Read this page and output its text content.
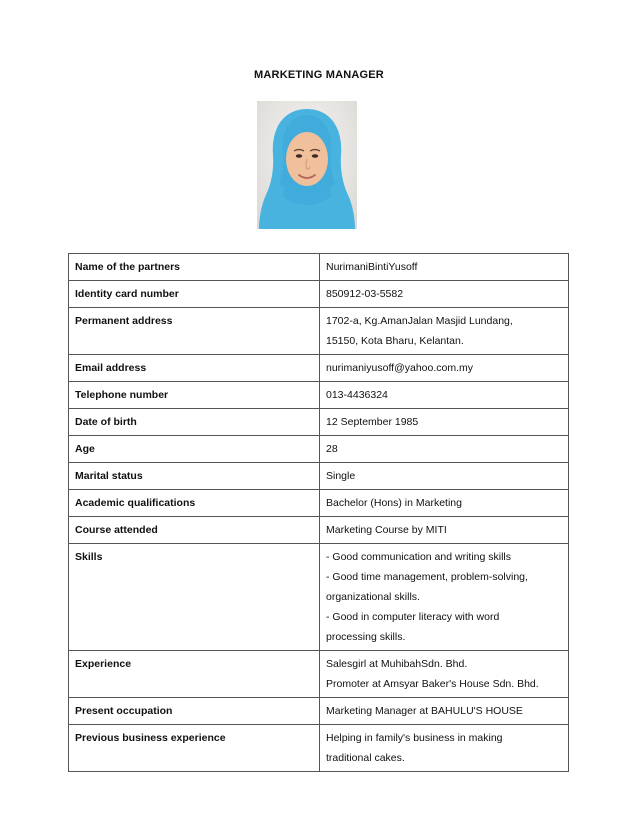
MARKETING MANAGER
Name of the partners	NurimaniBintiYusoff

Identity card number	850912-03-5582

Permanent address	1702-a, Kg.AmanJalan Masjid Lundang,
15150, Kota Bharu, Kelantan.

Email address	nurimaniyusoff@yahoo.com.my

Telephone number	013-4436324

Date of birth	12 September 1985

Age	28

Marital status	Single

Academic qualifications	Bachelor (Hons) in Marketing

Course attended	Marketing Course by MITI

Skills	- Good communication and writing skills
- Good time management, problem-solving,
organizational skills.
- Good in computer literacy with word
processing skills.

Experience	Salesgirl at MuhibahSdn. Bhd.
Promoter at Amsyar Baker's House Sdn. Bhd.

Present occupation	Marketing Manager at BAHULU'S HOUSE

Previous business experience	Helping in family's business in making
traditional cakes.
